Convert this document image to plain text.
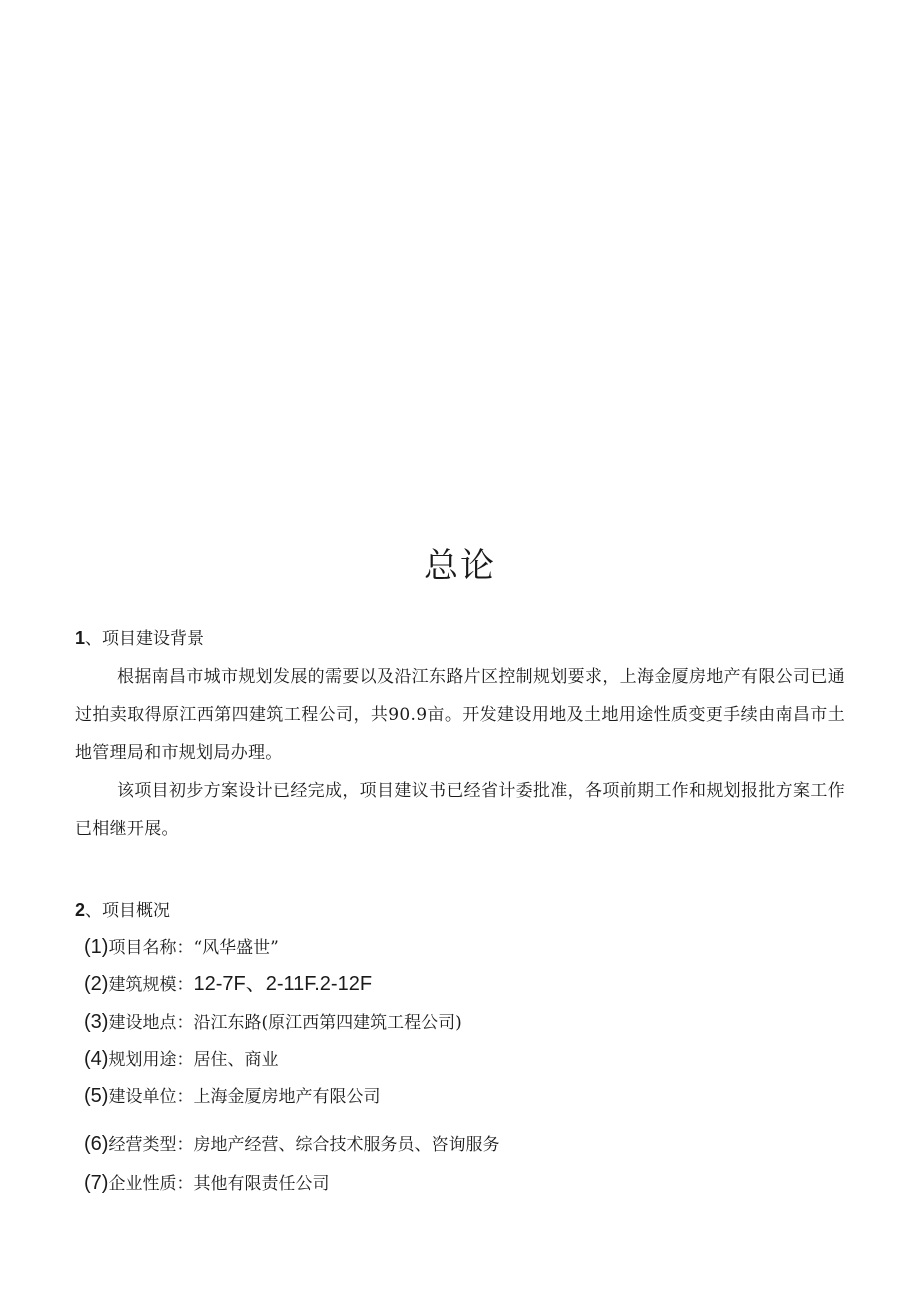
总论
1、项目建设背景
根据南昌市城市规划发展的需要以及沿江东路片区控制规划要求，上海金厦房地产有限公司已通过拍卖取得原江西第四建筑工程公司，共90.9亩。开发建设用地及土地用途性质变更手续由南昌市土地管理局和市规划局办理。
该项目初步方案设计已经完成，项目建议书已经省计委批准，各项前期工作和规划报批方案工作已相继开展。
2、项目概况
(1)项目名称：“风华盛世”
(2)建筑规模：12-7F、2-11F.2-12F
(3)建设地点：沿江东路(原江西第四建筑工程公司)
(4)规划用途：居住、商业
(5)建设单位：上海金厦房地产有限公司
(6)经营类型：房地产经营、综合技术服务员、咨询服务
(7)企业性质：其他有限责任公司
